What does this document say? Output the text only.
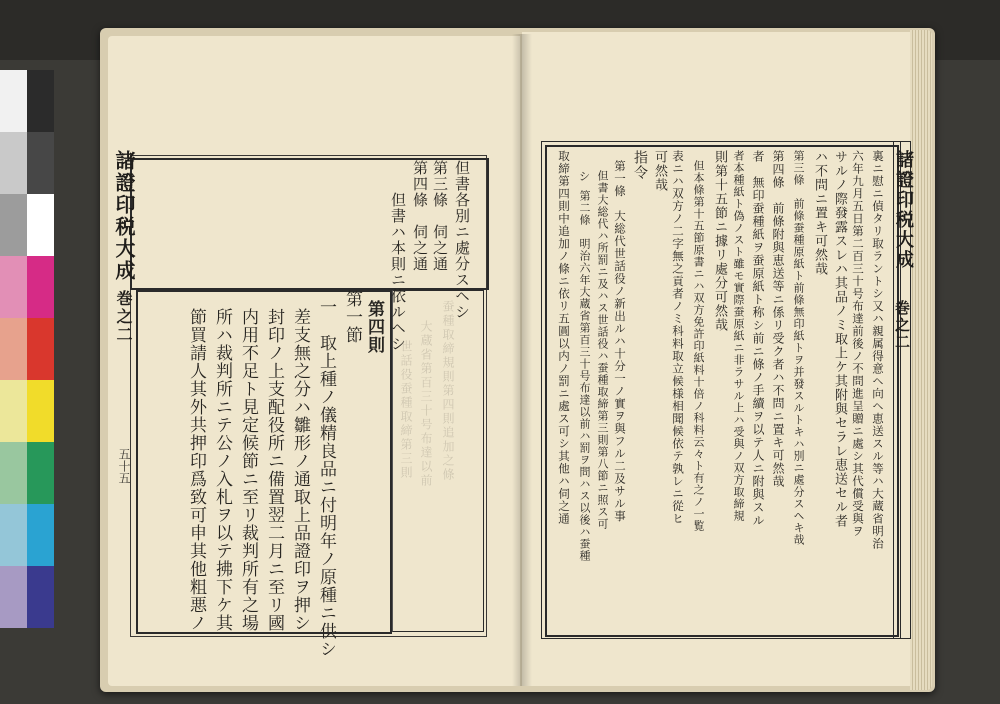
諸證印税大成
巻之二
五十五
但書各別ニ處分スヘシ
第三條　伺之通
第四條　伺之通
但書ハ本則ニ依ルヘシ
蚕種取締規則第四則追加之條
大蔵省第百三十号布達以前
世話役蚕種取締第三則
第四則
第一節
一　取上種ノ儀精良品ニ付明年ノ原種ニ供シ
差支無之分ハ雛形ノ通取上品證印ヲ押シ
封印ノ上支配役所ニ備置翌二月ニ至リ國
内用不足ト見定候節ニ至リ裁判所有之場
所ハ裁判所ニテ公ノ入札ヲ以テ拂下ケ其
節買請人其外共押印爲致可申其他粗悪ノ
諸證印税大成
巻之二
裏ニ慰ニ偵タリ取ラントシ又ハ親属得意ヘ向ヘ恵送スル等ハ大蔵省明治
六年九月五日第二百三十号布達前後ノ不問進呈贈ニ處シ其代償受與ヲ
サルノ際發露スレハ其品ノミ取上ケ其附與セラレ恵送セル者
ハ不問ニ置キ可然哉
第三條　前條蚕種原紙ト前條無印紙トヲ并發スルトキハ別ニ處分スヘキ哉
第四條　前條附與恵送等ニ係リ受ク者ハ不問ニ置キ可然哉
者　無印蚕種紙ヲ蚕原紙ト称シ前ニ條ノ手續ヲ以テ人ニ附與スル
者本種紙ト偽ノスト雖モ實際蚕原紙ニ非ラサル上ハ受與ノ双方取締規
則第十五節ニ據リ處分可然哉
但本條第十五節原書ニハ双方免許印紙料十倍ノ科料云々ト有之ノ一覧
表ニハ双方ノ二字無之貢者ノミ科料取立候様相聞候依テ孰レニ從ヒ
可然哉
指令
第一條　大総代世話役ノ新出ルハ十分一ノ實ヲ與フル二及サル事
但書大総代ハ所罰ニ及ハス世話役ハ蚕種取締第三則第八節ニ照ス可
シ
第二條　明治六年大蔵省第百三十号布達以前ハ罰ヲ問ハス以後ハ蚕種
取締第四則中追加ノ條ニ依リ五圓以内ノ罰ニ處ス可シ其他ハ伺之通
